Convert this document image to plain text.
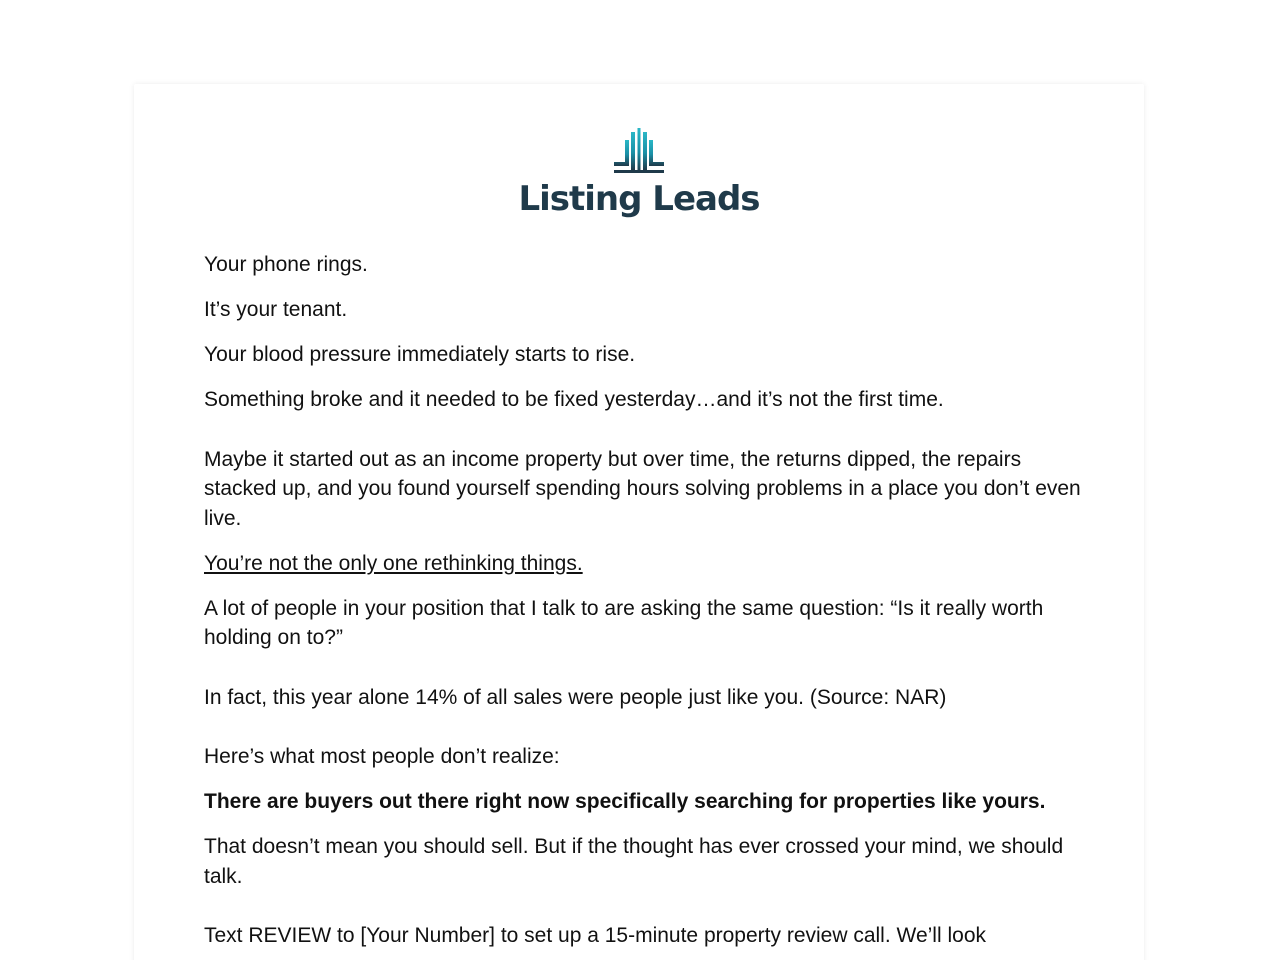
Listing Leads

Your phone rings.

It’s your tenant.

Your blood pressure immediately starts to rise.

Something broke and it needed to be fixed yesterday…and it’s not the first time.

Maybe it started out as an income property but over time, the returns dipped, the repairs stacked up, and you found yourself spending hours solving problems in a place you don’t even live.

You’re not the only one rethinking things.

A lot of people in your position that I talk to are asking the same question: “Is it really worth holding on to?”

In fact, this year alone 14% of all sales were people just like you. (Source: NAR)

Here’s what most people don’t realize:

There are buyers out there right now specifically searching for properties like yours.

That doesn’t mean you should sell. But if the thought has ever crossed your mind, we should talk.

Text REVIEW to [Your Number] to set up a 15-minute property review call. We’ll look
